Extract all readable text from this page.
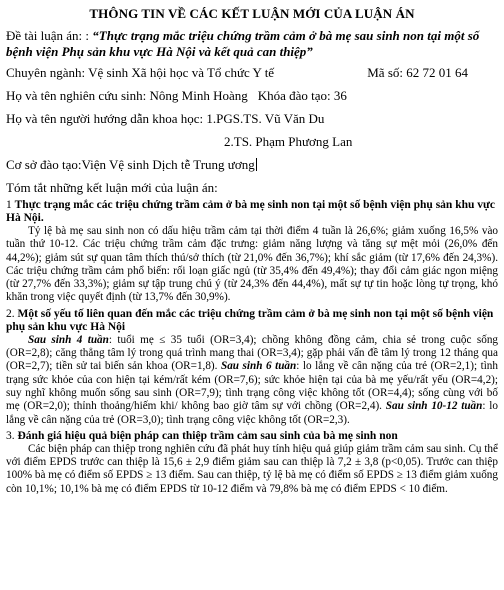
THÔNG TIN VỀ CÁC KẾT LUẬN MỚI CỦA LUẬN ÁN
Đề tài luận án: : “Thực trạng mắc triệu chứng trầm cảm ở bà mẹ sau sinh non tại một số bệnh viện Phụ sản khu vực Hà Nội và kết quả can thiệp”
Chuyên ngành: Vệ sinh Xã hội học và Tổ chức Y tế	Mã số: 62 72 01 64
Họ và tên nghiên cứu sinh: Nông Minh Hoàng Khóa đào tạo: 36
Họ và tên người hướng dẫn khoa học: 1.PGS.TS. Vũ Văn Du
2.TS. Phạm Phương Lan
Cơ sở đào tạo:Viện Vệ sinh Dịch tễ Trung ương
Tóm tắt những kết luận mới của luận án:
1 Thực trạng mắc các triệu chứng trầm cảm ở bà mẹ sinh non tại một số bệnh viện phụ sản khu vực Hà Nội.

Tỷ lệ bà mẹ sau sinh non có dấu hiệu trầm cảm tại thời điểm 4 tuần là 26,6%; giảm xuống 16,5% vào tuần thứ 10-12. Các triệu chứng trầm cảm đặc trưng: giảm năng lượng và tăng sự mệt mỏi (26,0% đến 44,2%); giảm sút sự quan tâm thích thú/sở thích (từ 21,0% đến 36,7%); khí sắc giảm (từ 17,6% đến 24,3%). Các triệu chứng trầm cảm phổ biến: rối loạn giấc ngủ (từ 35,4% đến 49,4%); thay đổi cảm giác ngon miệng (từ 27,7% đến 33,3%); giảm sự tập trung chú ý (từ 24,3% đến 44,4%), mất sự tự tin hoặc lòng tự trọng, khó khăn trong việc quyết định (từ 13,7% đến 30,9%).

2. Một số yếu tố liên quan đến mắc các triệu chứng trầm cảm ở bà mẹ sinh non tại một số bệnh viện phụ sản khu vực Hà Nội

Sau sinh 4 tuần: tuổi mẹ ≤ 35 tuổi (OR=3,4); chồng không đồng cảm, chia sẻ trong cuộc sống (OR=2,8); căng thẳng tâm lý trong quá trình mang thai (OR=3,4); gặp phải vấn đề tâm lý trong 12 tháng qua (OR=2,7); tiền sử tai biến sản khoa (OR=1,8). Sau sinh 6 tuần: lo lắng về cân nặng của trẻ (OR=2,1); tình trạng sức khỏe của con hiện tại kém/rất kém (OR=7,6); sức khỏe hiện tại của bà mẹ yếu/rất yếu (OR=4,2); suy nghĩ không muốn sống sau sinh (OR=7,9); tình trạng công việc không tốt (OR=4,4); sống cùng với bố mẹ (OR=2,0); thỉnh thoảng/hiếm khi/ không bao giờ tâm sự với chồng (OR=2,4). Sau sinh 10-12 tuần: lo lắng về cân nặng của trẻ (OR=3,0); tình trạng công việc không tốt (OR=2,3).

3. Đánh giá hiệu quả biện pháp can thiệp trầm cảm sau sinh của bà mẹ sinh non

Các biện pháp can thiệp trong nghiên cứu đã phát huy tính hiệu quả giúp giảm trầm cảm sau sinh. Cụ thể với điểm EPDS trước can thiệp là 15,6 ± 2,9 điểm giảm sau can thiệp là 7,2 ± 3,8 (p<0,05). Trước can thiệp 100% bà mẹ có điểm số EPDS ≥ 13 điểm. Sau can thiệp, tỷ lệ bà mẹ có điểm số EPDS ≥ 13 điểm giảm xuống còn 10,1%; 10,1% bà mẹ có điểm EPDS từ 10-12 điểm và 79,8% bà mẹ có điểm EPDS < 10 điểm.
